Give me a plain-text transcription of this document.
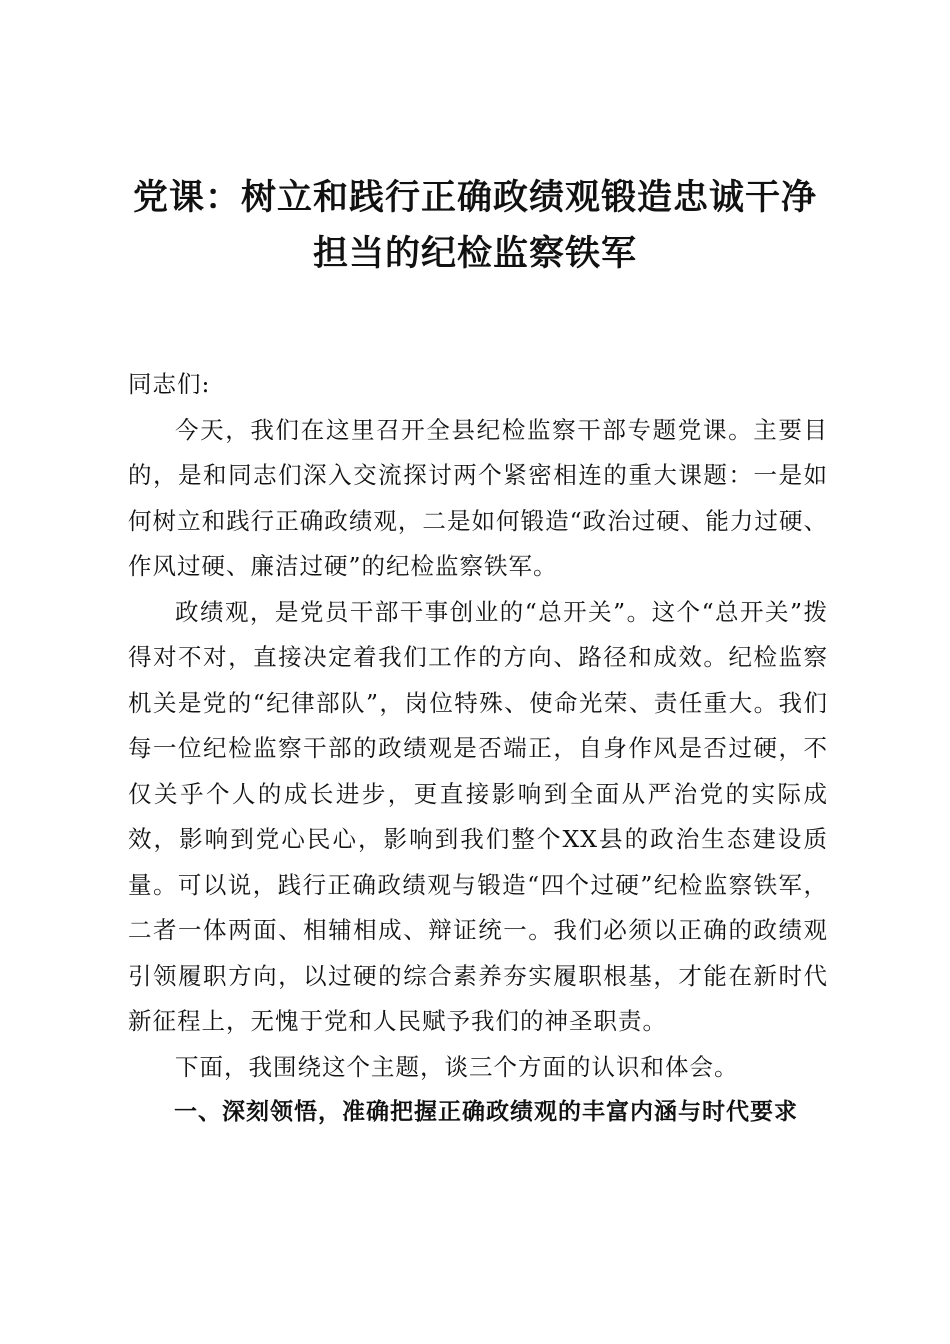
党课：树立和践行正确政绩观锻造忠诚干净担当的纪检监察铁军

同志们:

今天，我们在这里召开全县纪检监察干部专题党课。主要目的，是和同志们深入交流探讨两个紧密相连的重大课题：一是如何树立和践行正确政绩观，二是如何锻造“政治过硬、能力过硬、作风过硬、廉洁过硬”的纪检监察铁军。

政绩观，是党员干部干事创业的“总开关”。这个“总开关”拨得对不对，直接决定着我们工作的方向、路径和成效。纪检监察机关是党的“纪律部队”，岗位特殊、使命光荣、责任重大。我们每一位纪检监察干部的政绩观是否端正，自身作风是否过硬，不仅关乎个人的成长进步，更直接影响到全面从严治党的实际成效，影响到党心民心，影响到我们整个XX县的政治生态建设质量。可以说，践行正确政绩观与锻造“四个过硬”纪检监察铁军，二者一体两面、相辅相成、辩证统一。我们必须以正确的政绩观引领履职方向，以过硬的综合素养夯实履职根基，才能在新时代新征程上，无愧于党和人民赋予我们的神圣职责。

下面，我围绕这个主题，谈三个方面的认识和体会。

一、深刻领悟，准确把握正确政绩观的丰富内涵与时代要求
